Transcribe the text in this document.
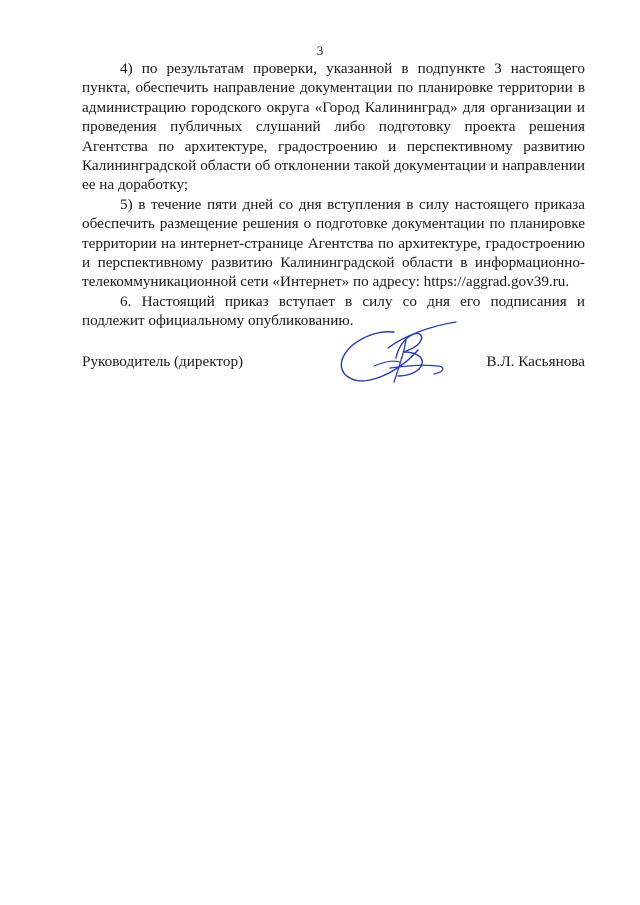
3

4) по результатам проверки, указанной в подпункте 3 настоящего пункта, обеспечить направление документации по планировке территории в администрацию городского округа «Город Калининград» для организации и проведения публичных слушаний либо подготовку проекта решения Агентства по архитектуре, градостроению и перспективному развитию Калининградской области об отклонении такой документации и направлении ее на доработку;

5) в течение пяти дней со дня вступления в силу настоящего приказа обеспечить размещение решения о подготовке документации по планировке территории на интернет-странице Агентства по архитектуре, градостроению и перспективному развитию Калининградской области в информационно-телекоммуникационной сети «Интернет» по адресу: https://aggrad.gov39.ru.

6. Настоящий приказ вступает в силу со дня его подписания и подлежит официальному опубликованию.

Руководитель (директор)	В.Л. Касьянова
